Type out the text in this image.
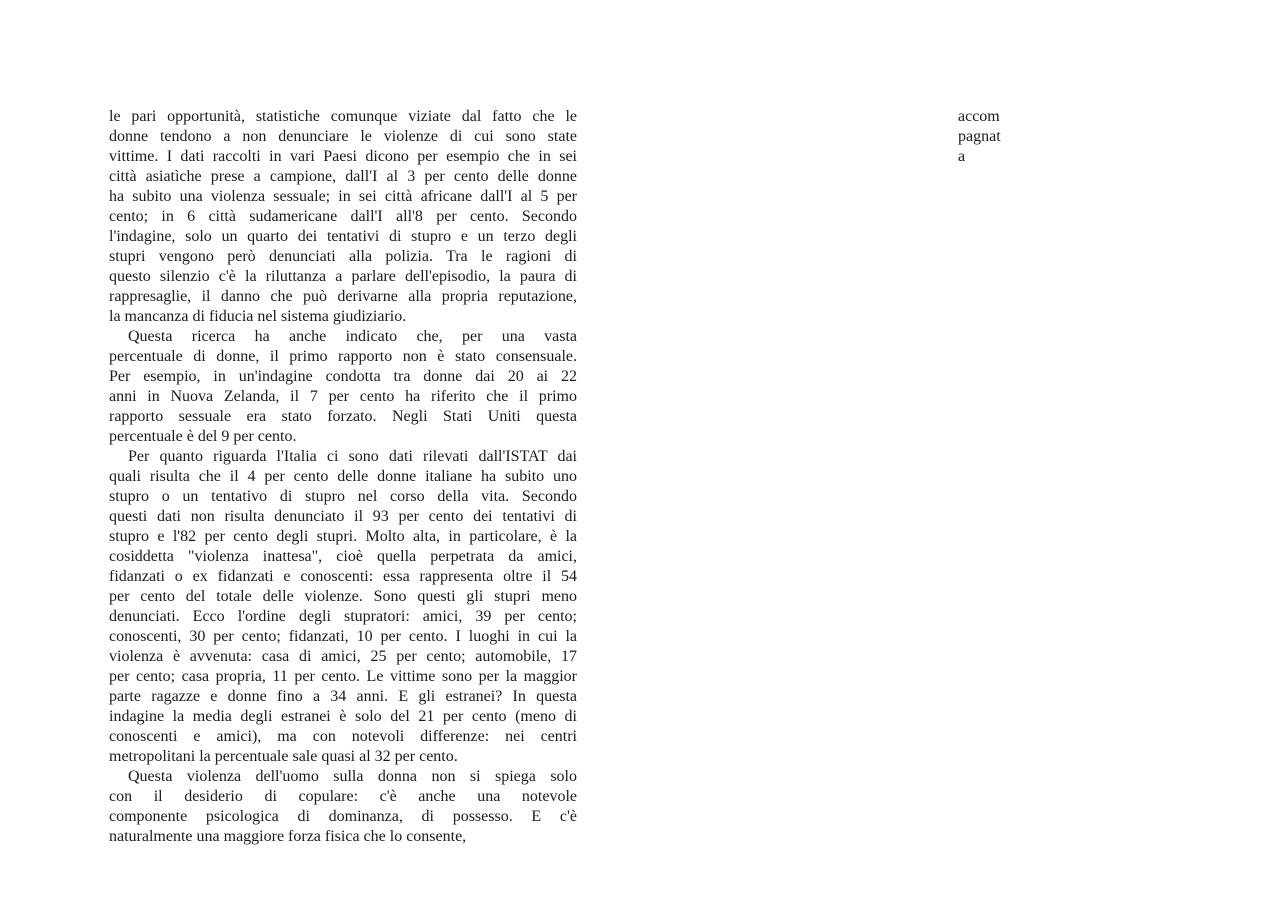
le pari opportunità, statistiche comunque viziate dal fatto che le
donne tendono a non denunciare le violenze di cui sono state
vittime. I dati raccolti in vari Paesi dicono per esempio che in sei
città asiatìche prese a campione, dall'I al 3 per cento delle donne
ha subito una violenza sessuale; in sei città africane dall'I al 5 per
cento; in 6 città sudamericane dall'I all'8 per cento. Secondo
l'indagine, solo un quarto dei tentativi di stupro e un terzo degli
stupri vengono però denunciati alla polizia. Tra le ragioni di
questo silenzio c'è la riluttanza a parlare dell'episodio, la paura di
rappresaglie, il danno che può derivarne alla propria reputazione,
la mancanza di fiducia nel sistema giudiziario.
Questa ricerca ha anche indicato che, per una vasta
percentuale di donne, il primo rapporto non è stato consensuale.
Per esempio, in un'indagine condotta tra donne dai 20 ai 22
anni in Nuova Zelanda, il 7 per cento ha riferito che il primo
rapporto sessuale era stato forzato. Negli Stati Uniti questa
percentuale è del 9 per cento.
Per quanto riguarda l'Italia ci sono dati rilevati dall'ISTAT dai
quali risulta che il 4 per cento delle donne italiane ha subito uno
stupro o un tentativo di stupro nel corso della vita. Secondo
questi dati non risulta denunciato il 93 per cento dei tentativi di
stupro e l'82 per cento degli stupri. Molto alta, in particolare, è la
cosiddetta "violenza inattesa", cioè quella perpetrata da amici,
fidanzati o ex fidanzati e conoscenti: essa rappresenta oltre il 54
per cento del totale delle violenze. Sono questi gli stupri meno
denunciati. Ecco l'ordine degli stupratori: amici, 39 per cento;
conoscenti, 30 per cento; fidanzati, 10 per cento. I luoghi in cui la
violenza è avvenuta: casa di amici, 25 per cento; automobile, 17
per cento; casa propria, 11 per cento. Le vittime sono per la maggior
parte ragazze e donne fino a 34 anni. E gli estranei? In questa
indagine la media degli estranei è solo del 21 per cento (meno di
conoscenti e amici), ma con notevoli differenze: nei centri
metropolitani la percentuale sale quasi al 32 per cento.
Questa violenza dell'uomo sulla donna non si spiega solo
con il desiderio di copulare: c'è anche una notevole
componente psicologica di dominanza, di possesso. E c'è
naturalmente una maggiore forza fisica che lo consente,
accom
pagnat
a
